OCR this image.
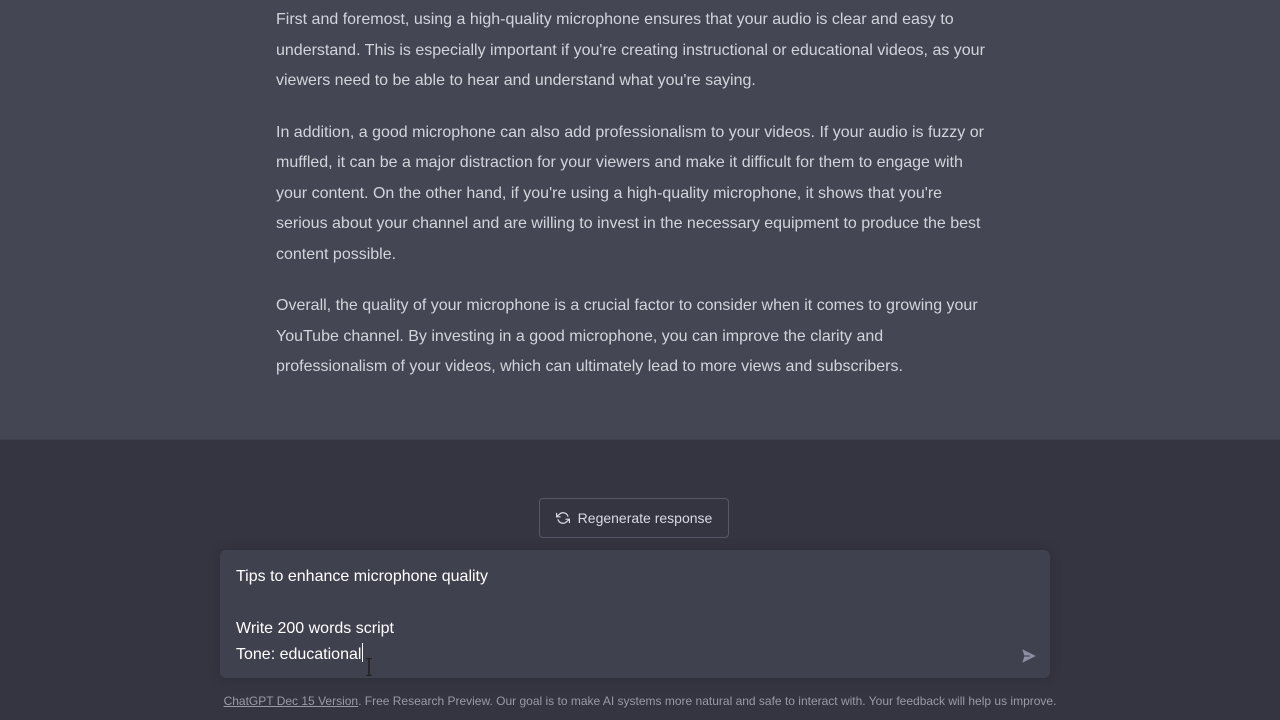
First and foremost, using a high-quality microphone ensures that your audio is clear and easy to understand. This is especially important if you're creating instructional or educational videos, as your viewers need to be able to hear and understand what you're saying.

In addition, a good microphone can also add professionalism to your videos. If your audio is fuzzy or muffled, it can be a major distraction for your viewers and make it difficult for them to engage with your content. On the other hand, if you're using a high-quality microphone, it shows that you're serious about your channel and are willing to invest in the necessary equipment to produce the best content possible.

Overall, the quality of your microphone is a crucial factor to consider when it comes to growing your YouTube channel. By investing in a good microphone, you can improve the clarity and professionalism of your videos, which can ultimately lead to more views and subscribers.

Regenerate response
Tips to enhance microphone quality

Write 200 words script
Tone: educational
ChatGPT Dec 15 Version. Free Research Preview. Our goal is to make AI systems more natural and safe to interact with. Your feedback will help us improve.
